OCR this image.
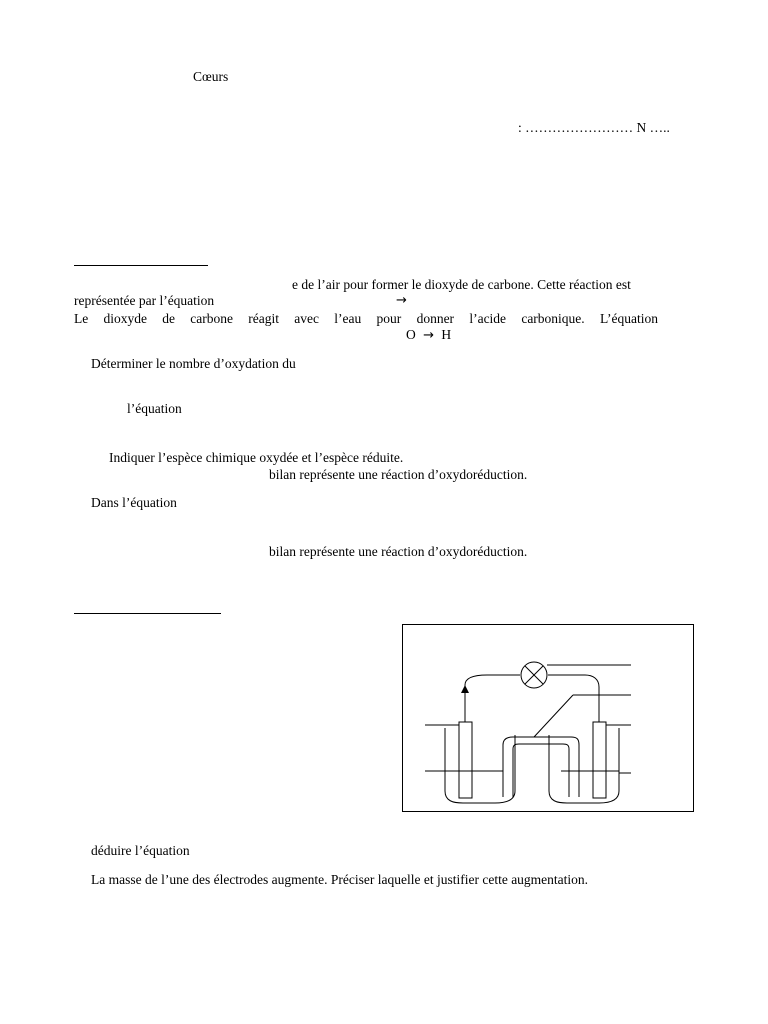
Cœurs
: …………………… N …..
e de l’air pour former le dioxyde de carbone. Cette réaction est
représentée par l’équation	→
Le dioxyde de carbone réagit avec l’eau pour donner l’acide carbonique. L’équation
O → H
Déterminer le nombre d’oxydation du
l’équation
Indiquer l’espèce chimique oxydée et l’espèce réduite.
bilan représente une réaction d’oxydoréduction.
Dans l’équation
bilan représente une réaction d’oxydoréduction.
déduire l’équation
La masse de l’une des électrodes augmente. Préciser laquelle et justifier cette augmentation.
